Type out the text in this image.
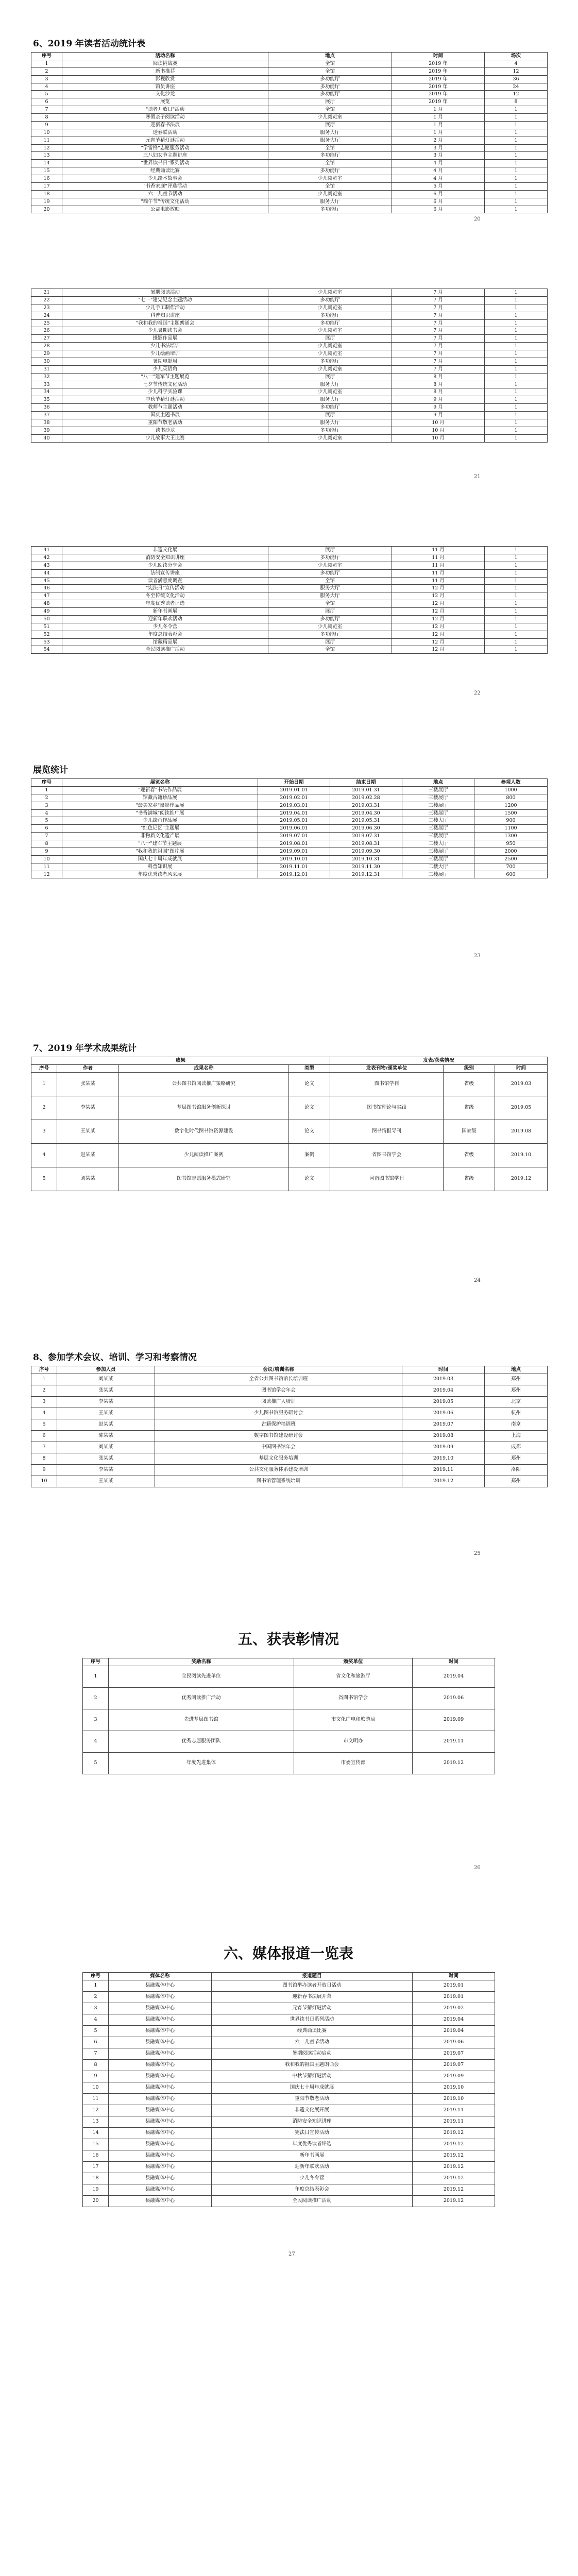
6、2019 年读者活动统计表
序号	活动名称	地点	时间	场次
1	阅读挑战赛	全馆	2019 年	4
2	新书推荐	全馆	2019 年	12
3	影视欣赏	多功能厅	2019 年	36
4	馆员讲座	多功能厅	2019 年	24
5	文化沙龙	多功能厅	2019 年	12
6	展览	展厅	2019 年	8
7	"读者开放日"活动	全馆	1 月	1
8	寒假亲子阅读活动	少儿阅览室	1 月	1
9	迎新春书法展	展厅	1 月	1
10	送春联活动	服务大厅	1 月	1
11	元宵节猜灯谜活动	服务大厅	2 月	1
12	"学雷锋"志愿服务活动	全馆	3 月	1
13	三八妇女节主题讲座	多功能厅	3 月	1
14	"世界读书日"系列活动	全馆	4 月	1
15	经典诵读比赛	多功能厅	4 月	1
16	少儿绘本故事会	少儿阅览室	4 月	1
17	"书香家庭"评选活动	全馆	5 月	1
18	六一儿童节活动	少儿阅览室	6 月	1
19	"端午节"传统文化活动	服务大厅	6 月	1
20	公益电影放映	多功能厅	6 月	1
20
21	暑期阅读活动	少儿阅览室	7 月	1
22	"七一"建党纪念主题活动	多功能厅	7 月	1
23	少儿手工制作活动	少儿阅览室	7 月	1
24	科普知识讲座	多功能厅	7 月	1
25	"我和我的祖国"主题朗诵会	多功能厅	7 月	1
26	少儿暑期读书会	少儿阅览室	7 月	1
27	摄影作品展	展厅	7 月	1
28	少儿书法培训	少儿阅览室	7 月	1
29	少儿绘画培训	少儿阅览室	7 月	1
30	暑期电影周	多功能厅	7 月	1
31	少儿英语角	少儿阅览室	7 月	1
32	"八一"建军节主题展览	展厅	8 月	1
33	七夕节传统文化活动	服务大厅	8 月	1
34	少儿科学实验课	少儿阅览室	8 月	1
35	中秋节猜灯谜活动	服务大厅	9 月	1
36	教师节主题活动	多功能厅	9 月	1
37	国庆主题书展	展厅	9 月	1
38	重阳节敬老活动	服务大厅	10 月	1
39	读书沙龙	多功能厅	10 月	1
40	少儿故事大王比赛	少儿阅览室	10 月	1
21
41	非遗文化展	展厅	11 月	1
42	消防安全知识讲座	多功能厅	11 月	1
43	少儿阅读分享会	少儿阅览室	11 月	1
44	法制宣传讲座	多功能厅	11 月	1
45	读者满意度调查	全馆	11 月	1
46	"宪法日"宣传活动	服务大厅	12 月	1
47	冬至传统文化活动	服务大厅	12 月	1
48	年度优秀读者评选	全馆	12 月	1
49	新年书画展	展厅	12 月	1
50	迎新年联欢活动	多功能厅	12 月	1
51	少儿冬令营	少儿阅览室	12 月	1
52	年度总结表彰会	多功能厅	12 月	1
53	馆藏精品展	展厅	12 月	1
54	全民阅读推广活动	全馆	12 月	1
22
展览统计
序号	展览名称	开始日期	结束日期	地点	参观人数
1	"迎新春"书法作品展	2019.01.01	2019.01.31	三楼展厅	1000
2	馆藏古籍珍品展	2019.02.01	2019.02.28	三楼展厅	800
3	"最美家乡"摄影作品展	2019.03.01	2019.03.31	三楼展厅	1200
4	"书香满城"阅读推广展	2019.04.01	2019.04.30	三楼展厅	1500
5	少儿绘画作品展	2019.05.01	2019.05.31	二楼大厅	900
6	"红色记忆"主题展	2019.06.01	2019.06.30	三楼展厅	1100
7	非物质文化遗产展	2019.07.01	2019.07.31	三楼展厅	1300
8	"八一"建军节主题展	2019.08.01	2019.08.31	二楼大厅	950
9	"我和我的祖国"图片展	2019.09.01	2019.09.30	三楼展厅	2000
10	国庆七十周年成就展	2019.10.01	2019.10.31	三楼展厅	2500
11	科普知识展	2019.11.01	2019.11.30	二楼大厅	700
12	年度优秀读者风采展	2019.12.01	2019.12.31	三楼展厅	600
23
7、2019 年学术成果统计
成果				发表/获奖情况		
序号	作者	成果名称	类型	发表刊物/颁奖单位	级别	时间
1	张某某	公共图书馆阅读推广策略研究	论文	图书馆学刊	省级	2019.03
2	李某某	基层图书馆服务创新探讨	论文	图书馆理论与实践	省级	2019.05
3	王某某	数字化时代图书馆资源建设	论文	图书情报导刊	国家级	2019.08
4	赵某某	少儿阅读推广案例	案例	省图书馆学会	省级	2019.10
5	刘某某	图书馆志愿服务模式研究	论文	河南图书馆学刊	省级	2019.12
24
8、参加学术会议、培训、学习和考察情况
序号	参加人员	会议/培训名称	时间	地点
1	刘某某	全省公共图书馆馆长培训班	2019.03	郑州
2	张某某	图书馆学会年会	2019.04	郑州
3	李某某	阅读推广人培训	2019.05	北京
4	王某某	少儿图书馆服务研讨会	2019.06	杭州
5	赵某某	古籍保护培训班	2019.07	南京
6	陈某某	数字图书馆建设研讨会	2019.08	上海
7	刘某某	中国图书馆年会	2019.09	成都
8	张某某	基层文化服务培训	2019.10	郑州
9	李某某	公共文化服务体系建设培训	2019.11	洛阳
10	王某某	图书馆管理系统培训	2019.12	郑州
25
五、获表彰情况
序号	奖励名称	颁奖单位	时间
1	全民阅读先进单位	省文化和旅游厅	2019.04
2	优秀阅读推广活动	省图书馆学会	2019.06
3	先进基层图书馆	市文化广电和旅游局	2019.09
4	优秀志愿服务团队	市文明办	2019.11
5	年度先进集体	市委宣传部	2019.12
26
六、媒体报道一览表
序号	媒体名称	报道题目	时间
1	县融媒体中心	图书馆举办读者开放日活动	2019.01
2	县融媒体中心	迎新春书法展开幕	2019.01
3	县融媒体中心	元宵节猜灯谜活动	2019.02
4	县融媒体中心	世界读书日系列活动	2019.04
5	县融媒体中心	经典诵读比赛	2019.04
6	县融媒体中心	六一儿童节活动	2019.06
7	县融媒体中心	暑期阅读活动启动	2019.07
8	县融媒体中心	我和我的祖国主题朗诵会	2019.07
9	县融媒体中心	中秋节猜灯谜活动	2019.09
10	县融媒体中心	国庆七十周年成就展	2019.10
11	县融媒体中心	重阳节敬老活动	2019.10
12	县融媒体中心	非遗文化展开展	2019.11
13	县融媒体中心	消防安全知识讲座	2019.11
14	县融媒体中心	宪法日宣传活动	2019.12
15	县融媒体中心	年度优秀读者评选	2019.12
16	县融媒体中心	新年书画展	2019.12
17	县融媒体中心	迎新年联欢活动	2019.12
18	县融媒体中心	少儿冬令营	2019.12
19	县融媒体中心	年度总结表彰会	2019.12
20	县融媒体中心	全民阅读推广活动	2019.12
27
